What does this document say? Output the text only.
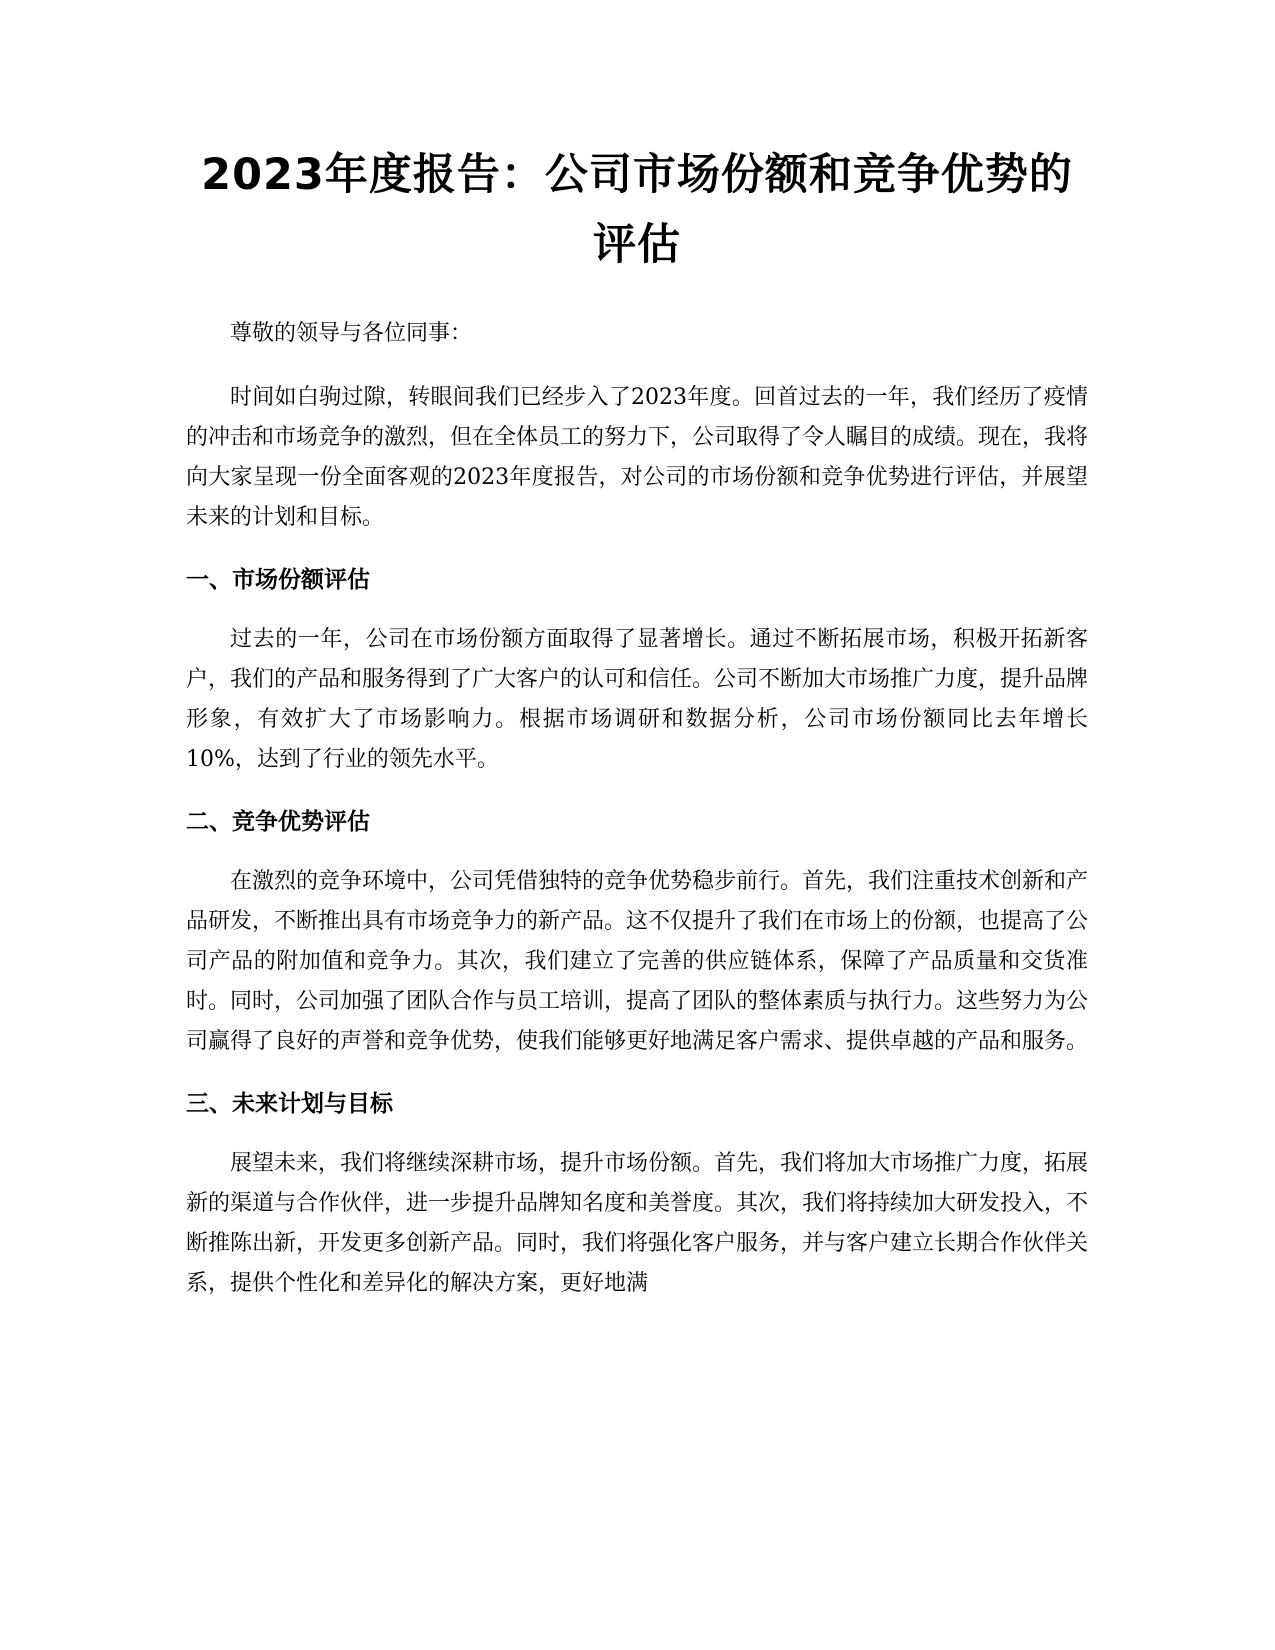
2023年度报告：公司市场份额和竞争优势的评估

尊敬的领导与各位同事：

时间如白驹过隙，转眼间我们已经步入了2023年度。回首过去的一年，我们经历了疫情的冲击和市场竞争的激烈，但在全体员工的努力下，公司取得了令人瞩目的成绩。现在，我将向大家呈现一份全面客观的2023年度报告，对公司的市场份额和竞争优势进行评估，并展望未来的计划和目标。

一、市场份额评估

过去的一年，公司在市场份额方面取得了显著增长。通过不断拓展市场，积极开拓新客户，我们的产品和服务得到了广大客户的认可和信任。公司不断加大市场推广力度，提升品牌形象，有效扩大了市场影响力。根据市场调研和数据分析，公司市场份额同比去年增长10%，达到了行业的领先水平。

二、竞争优势评估

在激烈的竞争环境中，公司凭借独特的竞争优势稳步前行。首先，我们注重技术创新和产品研发，不断推出具有市场竞争力的新产品。这不仅提升了我们在市场上的份额，也提高了公司产品的附加值和竞争力。其次，我们建立了完善的供应链体系，保障了产品质量和交货准时。同时，公司加强了团队合作与员工培训，提高了团队的整体素质与执行力。这些努力为公司赢得了良好的声誉和竞争优势，使我们能够更好地满足客户需求、提供卓越的产品和服务。

三、未来计划与目标

展望未来，我们将继续深耕市场，提升市场份额。首先，我们将加大市场推广力度，拓展新的渠道与合作伙伴，进一步提升品牌知名度和美誉度。其次，我们将持续加大研发投入，不断推陈出新，开发更多创新产品。同时，我们将强化客户服务，并与客户建立长期合作伙伴关系，提供个性化和差异化的解决方案，更好地满
